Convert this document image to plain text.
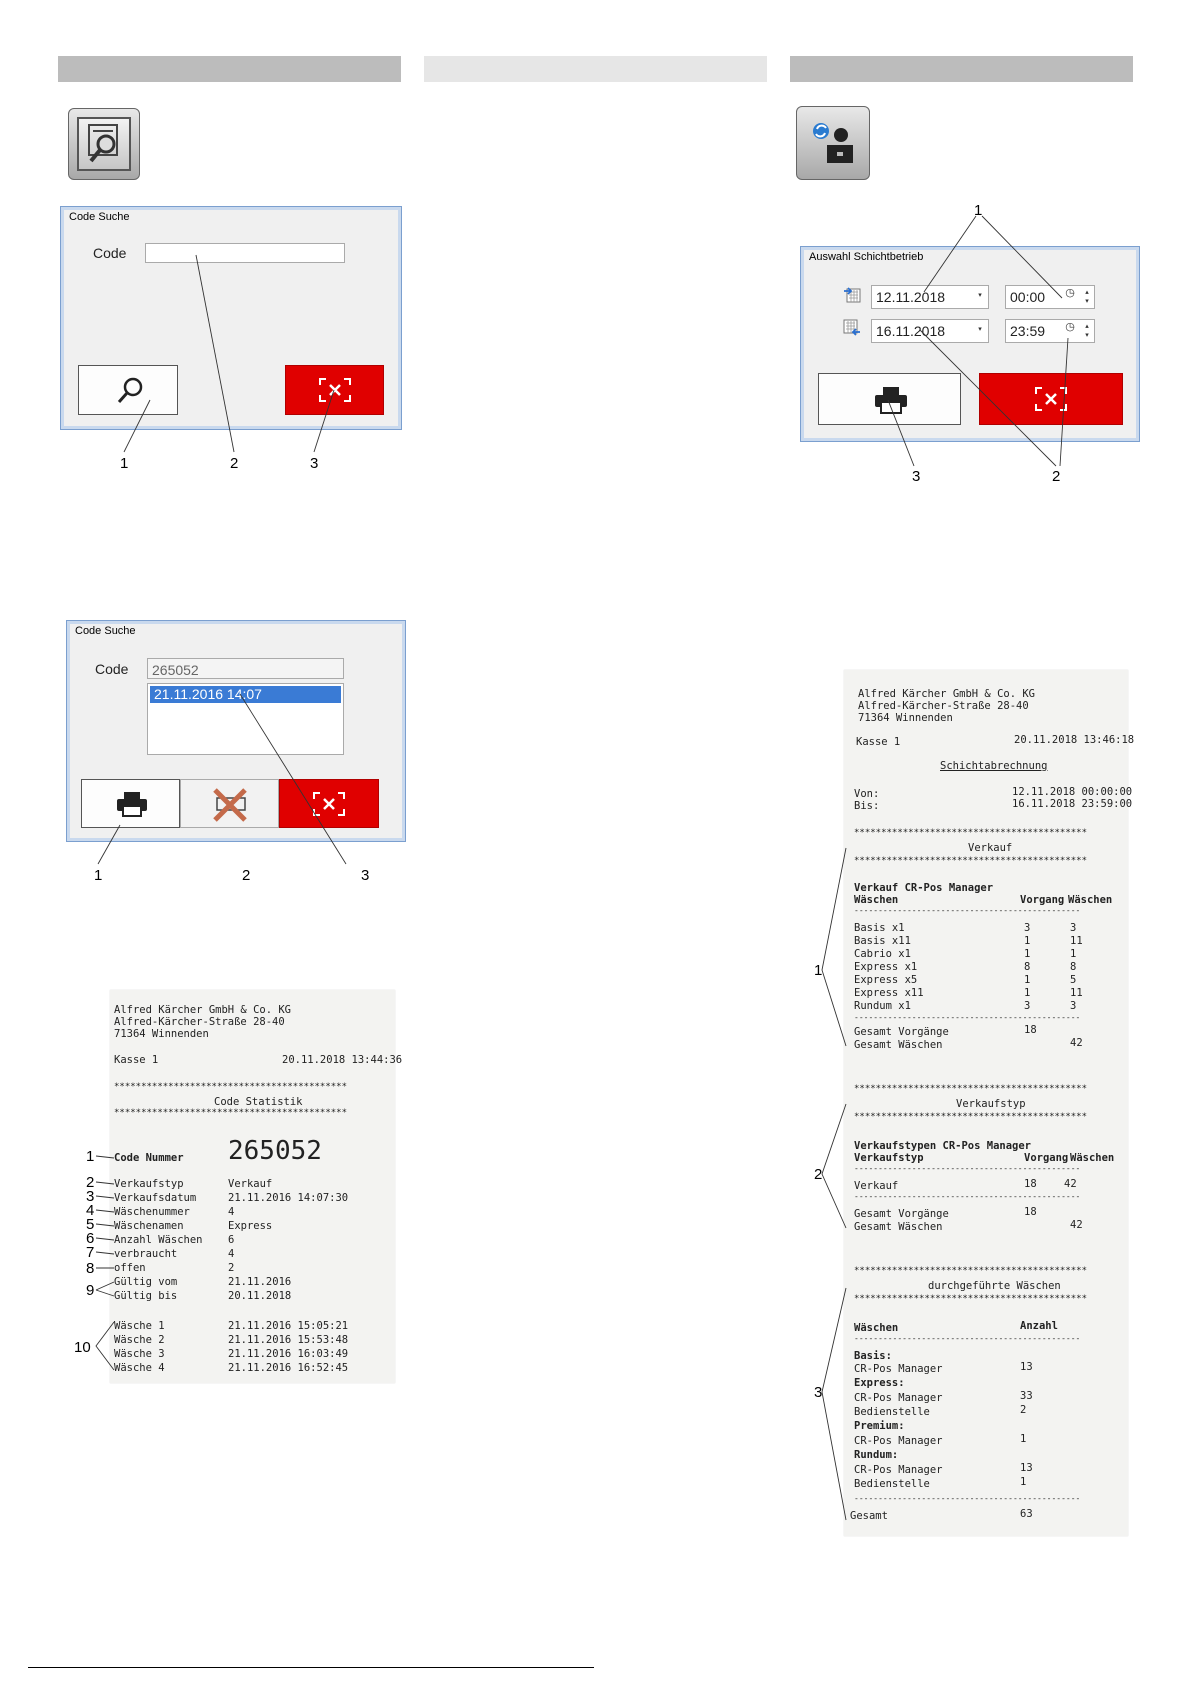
Code Suche
Code
1	2	3
Code Suche
Code	265052
21.11.2016 14:07
1	2	3
Alfred Kärcher GmbH & Co. KG
Alfred-Kärcher-Straße 28-40
71364 Winnenden
Kasse 1	20.11.2018 13:44:36
*******************************************
Code Statistik
*******************************************
Code Nummer 265052
Verkaufstyp	Verkauf
Verkaufsdatum	21.11.2016 14:07:30
Wäschenummer	4
Wäschenamen	Express
Anzahl Wäschen 6
verbraucht	4
offen	2
Gültig vom	21.11.2016
Gültig bis	20.11.2018
Wäsche 1	21.11.2016 15:05:21
Wäsche 2	21.11.2016 15:53:48
Wäsche 3	21.11.2016 16:03:49
Wäsche 4	21.11.2016 16:52:45
1
2
3
4
5
6
7
8
9
10
1
Auswahl Schichtbetrieb
12.11.2018	▾	00:00	◷	▴
▾
16.11.2018	▾	23:59	◷	▴
▾
3	2
Alfred Kärcher GmbH & Co. KG
Alfred-Kärcher-Straße 28-40
71364 Winnenden
Kasse 1	20.11.2018 13:46:18
Schichtabrechnung
Von:	12.11.2018 00:00:00
Bis:	16.11.2018 23:59:00
*******************************************
Verkauf
*******************************************
Verkauf CR-Pos Manager
Wäschen	Vorgang Wäschen
-----------------------------------------------
Basis x1	3	3
Basis x11	1	11
Cabrio x1	1	1
Express x1	8	8
Express x5	1	5
Express x11	1	11
Rundum x1	3	3
-----------------------------------------------
Gesamt Vorgänge	18
Gesamt Wäschen	42
*******************************************
Verkaufstyp
*******************************************
Verkaufstypen CR-Pos Manager
Verkaufstyp	Vorgang Wäschen
-----------------------------------------------
Verkauf	18	42
-----------------------------------------------
Gesamt Vorgänge	18
Gesamt Wäschen	42
*******************************************
durchgeführte Wäschen
*******************************************
Wäschen	Anzahl
-----------------------------------------------
Basis:
CR-Pos Manager	13
Express:
CR-Pos Manager	33
Bedienstelle	2
Premium:
CR-Pos Manager	1
Rundum:
CR-Pos Manager	13
Bedienstelle	1
-----------------------------------------------
Gesamt	63
1
2
3
